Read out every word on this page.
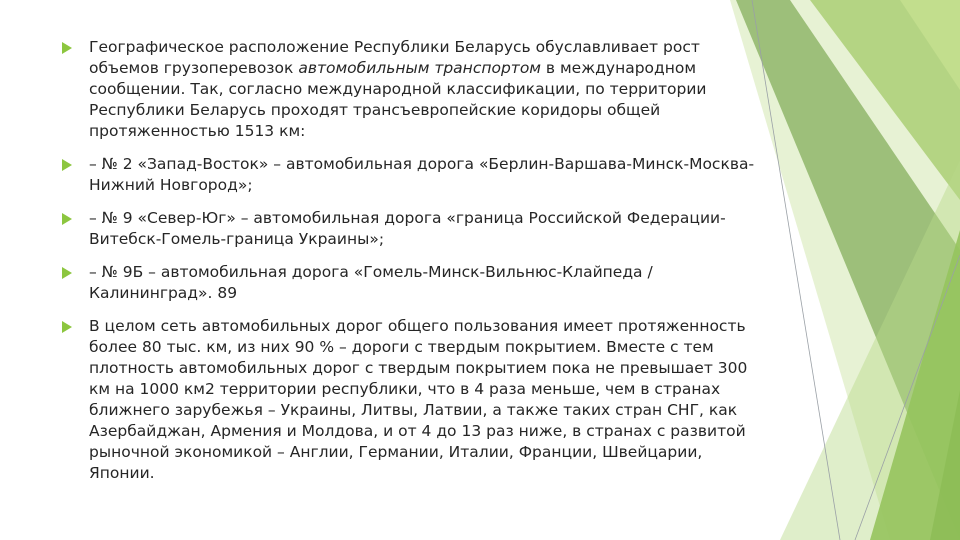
Географическое расположение Республики Беларусь обуславливает рост объемов грузоперевозок автомобильным транспортом в международном сообщении. Так, согласно международной классификации, по территории Республики Беларусь проходят трансъевропейские коридоры общей протяженностью 1513 км:
– № 2 «Запад-Восток» – автомобильная дорога «Берлин-Варшава-Минск-Москва-Нижний Новгород»;
– № 9 «Север-Юг» – автомобильная дорога «граница Российской Федерации-Витебск-Гомель-граница Украины»;
– № 9Б – автомобильная дорога «Гомель-Минск-Вильнюс-Клайпеда / Калининград». 89
В целом сеть автомобильных дорог общего пользования имеет протяженность более 80 тыс. км, из них 90 % – дороги с твердым покрытием. Вместе с тем плотность автомобильных дорог с твердым покрытием пока не превышает 300 км на 1000 км2 территории республики, что в 4 раза меньше, чем в странах ближнего зарубежья – Украины, Литвы, Латвии, а также таких стран СНГ, как Азербайджан, Армения и Молдова, и от 4 до 13 раз ниже, в странах с развитой рыночной экономикой – Англии, Германии, Италии, Франции, Швейцарии, Японии.
